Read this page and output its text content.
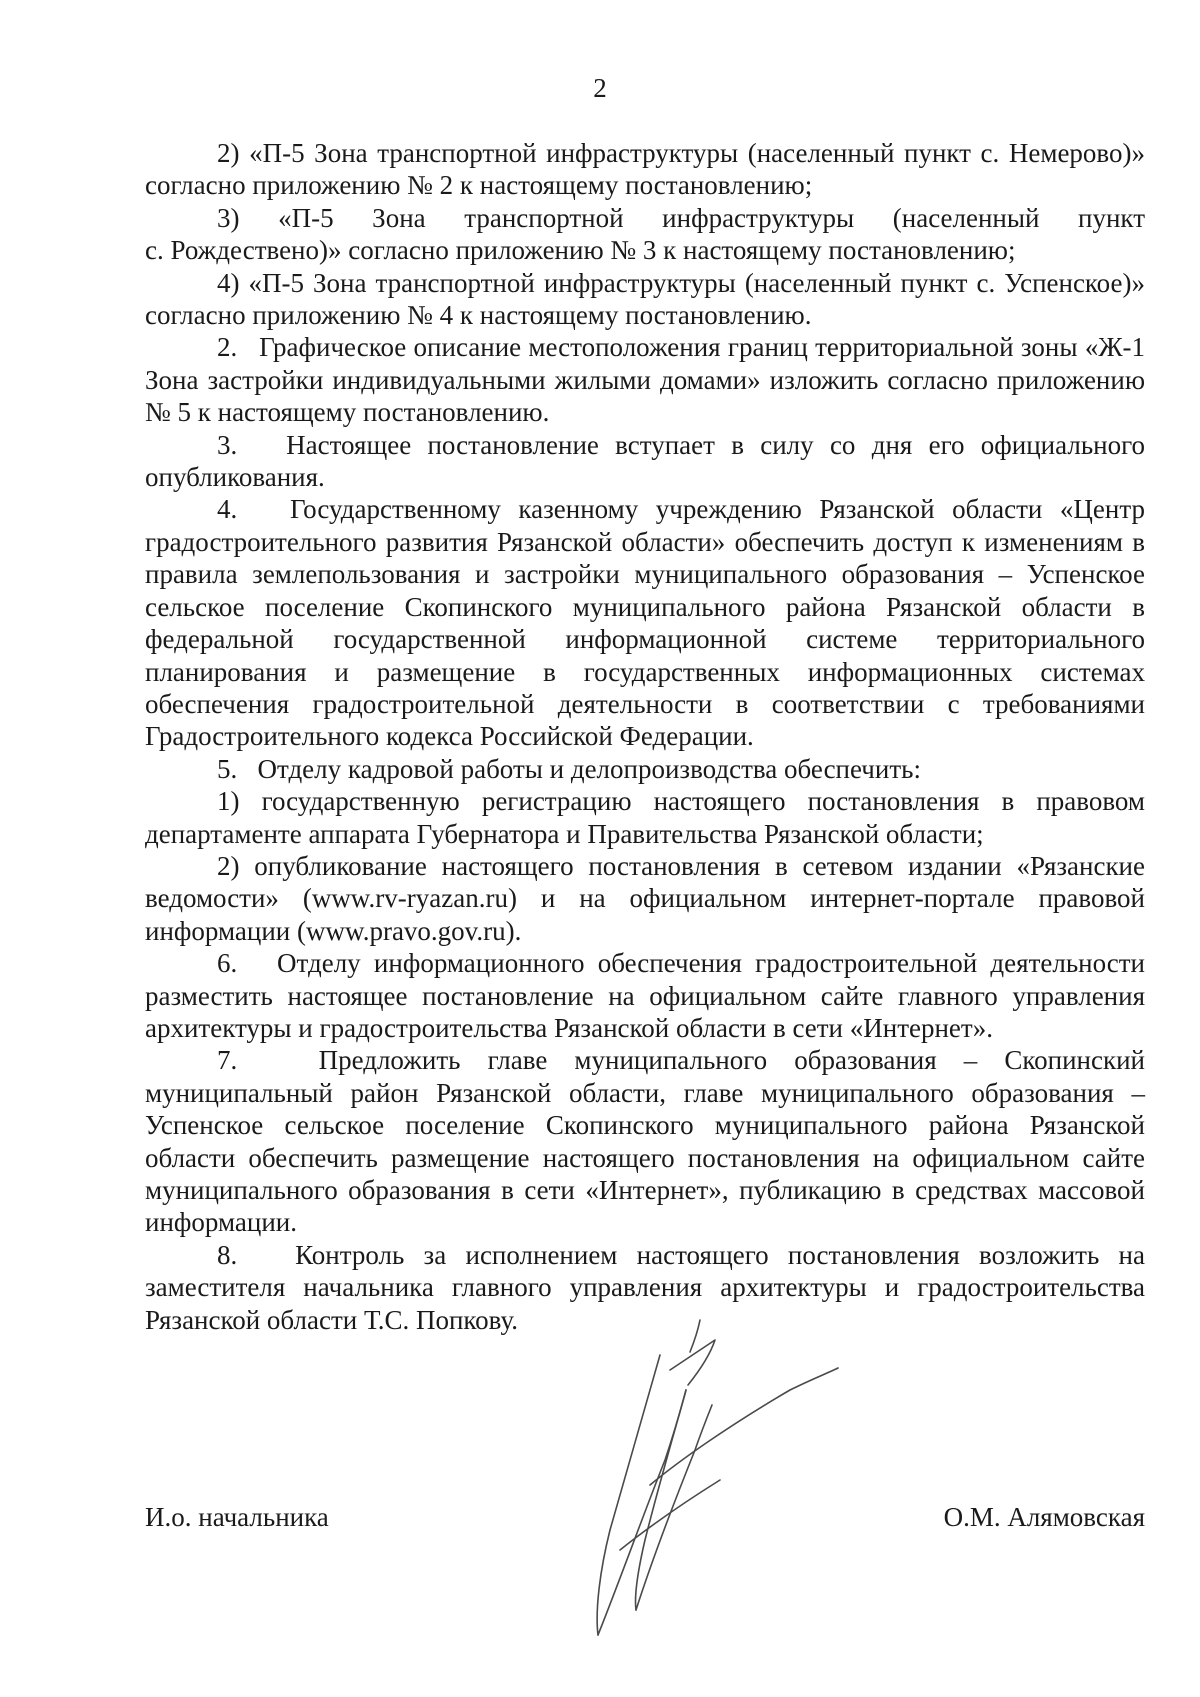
2

2) «П-5 Зона транспортной инфраструктуры (населенный пункт с. Немерово)» согласно приложению № 2 к настоящему постановлению;

3) «П-5 Зона транспортной инфраструктуры (населенный пункт с. Рождествено)» согласно приложению № 3 к настоящему постановлению;

4) «П-5 Зона транспортной инфраструктуры (населенный пункт с. Успенское)» согласно приложению № 4 к настоящему постановлению.

2.   Графическое описание местоположения границ территориальной зоны «Ж-1 Зона застройки индивидуальными жилыми домами» изложить согласно приложению № 5 к настоящему постановлению.

3.   Настоящее постановление вступает в силу со дня его официального опубликования.

4.   Государственному казенному учреждению Рязанской области «Центр градостроительного развития Рязанской области» обеспечить доступ к изменениям в правила землепользования и застройки муниципального образования – Успенское сельское поселение Скопинского муниципального района Рязанской области в федеральной государственной информационной системе территориального планирования и размещение в государственных информационных системах обеспечения градостроительной деятельности в соответствии с требованиями Градостроительного кодекса Российской Федерации.

5.   Отделу кадровой работы и делопроизводства обеспечить:

1) государственную регистрацию настоящего постановления в правовом департаменте аппарата Губернатора и Правительства Рязанской области;

2) опубликование настоящего постановления в сетевом издании «Рязанские ведомости» (www.rv-ryazan.ru) и на официальном интернет-портале правовой информации (www.pravo.gov.ru).

6.   Отделу информационного обеспечения градостроительной деятельности разместить настоящее постановление на официальном сайте главного управления архитектуры и градостроительства Рязанской области в сети «Интернет».

7.   Предложить главе муниципального образования – Скопинский муниципальный район Рязанской области, главе муниципального образования – Успенское сельское поселение Скопинского муниципального района Рязанской области обеспечить размещение настоящего постановления на официальном сайте муниципального образования в сети «Интернет», публикацию в средствах массовой информации.

8.   Контроль за исполнением настоящего постановления возложить на заместителя начальника главного управления архитектуры и градостроительства Рязанской области Т.С. Попкову.

И.о. начальника	О.М. Алямовская
